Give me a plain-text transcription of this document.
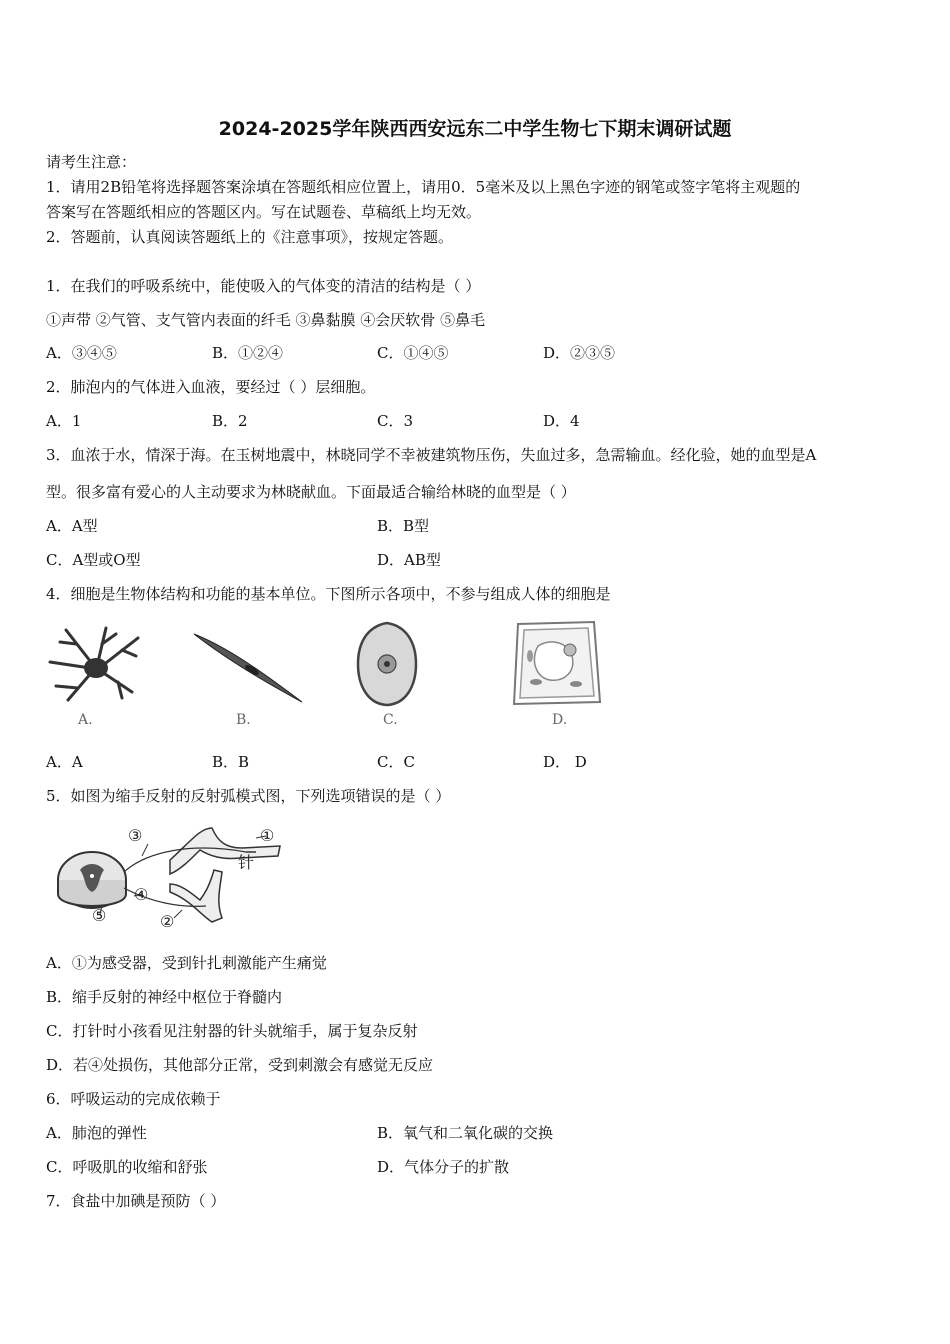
2024-2025学年陕西西安远东二中学生物七下期末调研试题
请考生注意：
1．请用2B铅笔将选择题答案涂填在答题纸相应位置上，请用0．5毫米及以上黑色字迹的钢笔或签字笔将主观题的
答案写在答题纸相应的答题区内。写在试题卷、草稿纸上均无效。
2．答题前，认真阅读答题纸上的《注意事项》，按规定答题。
1．在我们的呼吸系统中，能使吸入的气体变的清洁的结构是（ ）
①声带 ②气管、支气管内表面的纤毛 ③鼻黏膜 ④会厌软骨 ⑤鼻毛
A．③④⑤	B．①②④	C．①④⑤	D．②③⑤
2．肺泡内的气体进入血液，要经过（ ）层细胞。
A．1	B．2	C．3	D．4
3．血浓于水，情深于海。在玉树地震中，林晓同学不幸被建筑物压伤，失血过多，急需输血。经化验，她的血型是A
型。很多富有爱心的人主动要求为林晓献血。下面最适合输给林晓的血型是（ ）
A．A型	B．B型
C．A型或O型	D．AB型
4．细胞是生物体结构和功能的基本单位。下图所示各项中，不参与组成人体的细胞是
A.	B.	C.	D.
A．A	B．B	C．C	D． D
5．如图为缩手反射的反射弧模式图，下列选项错误的是（ ）
③	①
针
④
⑤	②
A．①为感受器，受到针扎刺激能产生痛觉
B．缩手反射的神经中枢位于脊髓内
C．打针时小孩看见注射器的针头就缩手，属于复杂反射
D．若④处损伤，其他部分正常，受到刺激会有感觉无反应
6．呼吸运动的完成依赖于
A．肺泡的弹性	B．氧气和二氧化碳的交换
C．呼吸肌的收缩和舒张	D．气体分子的扩散
7．食盐中加碘是预防（ ）
